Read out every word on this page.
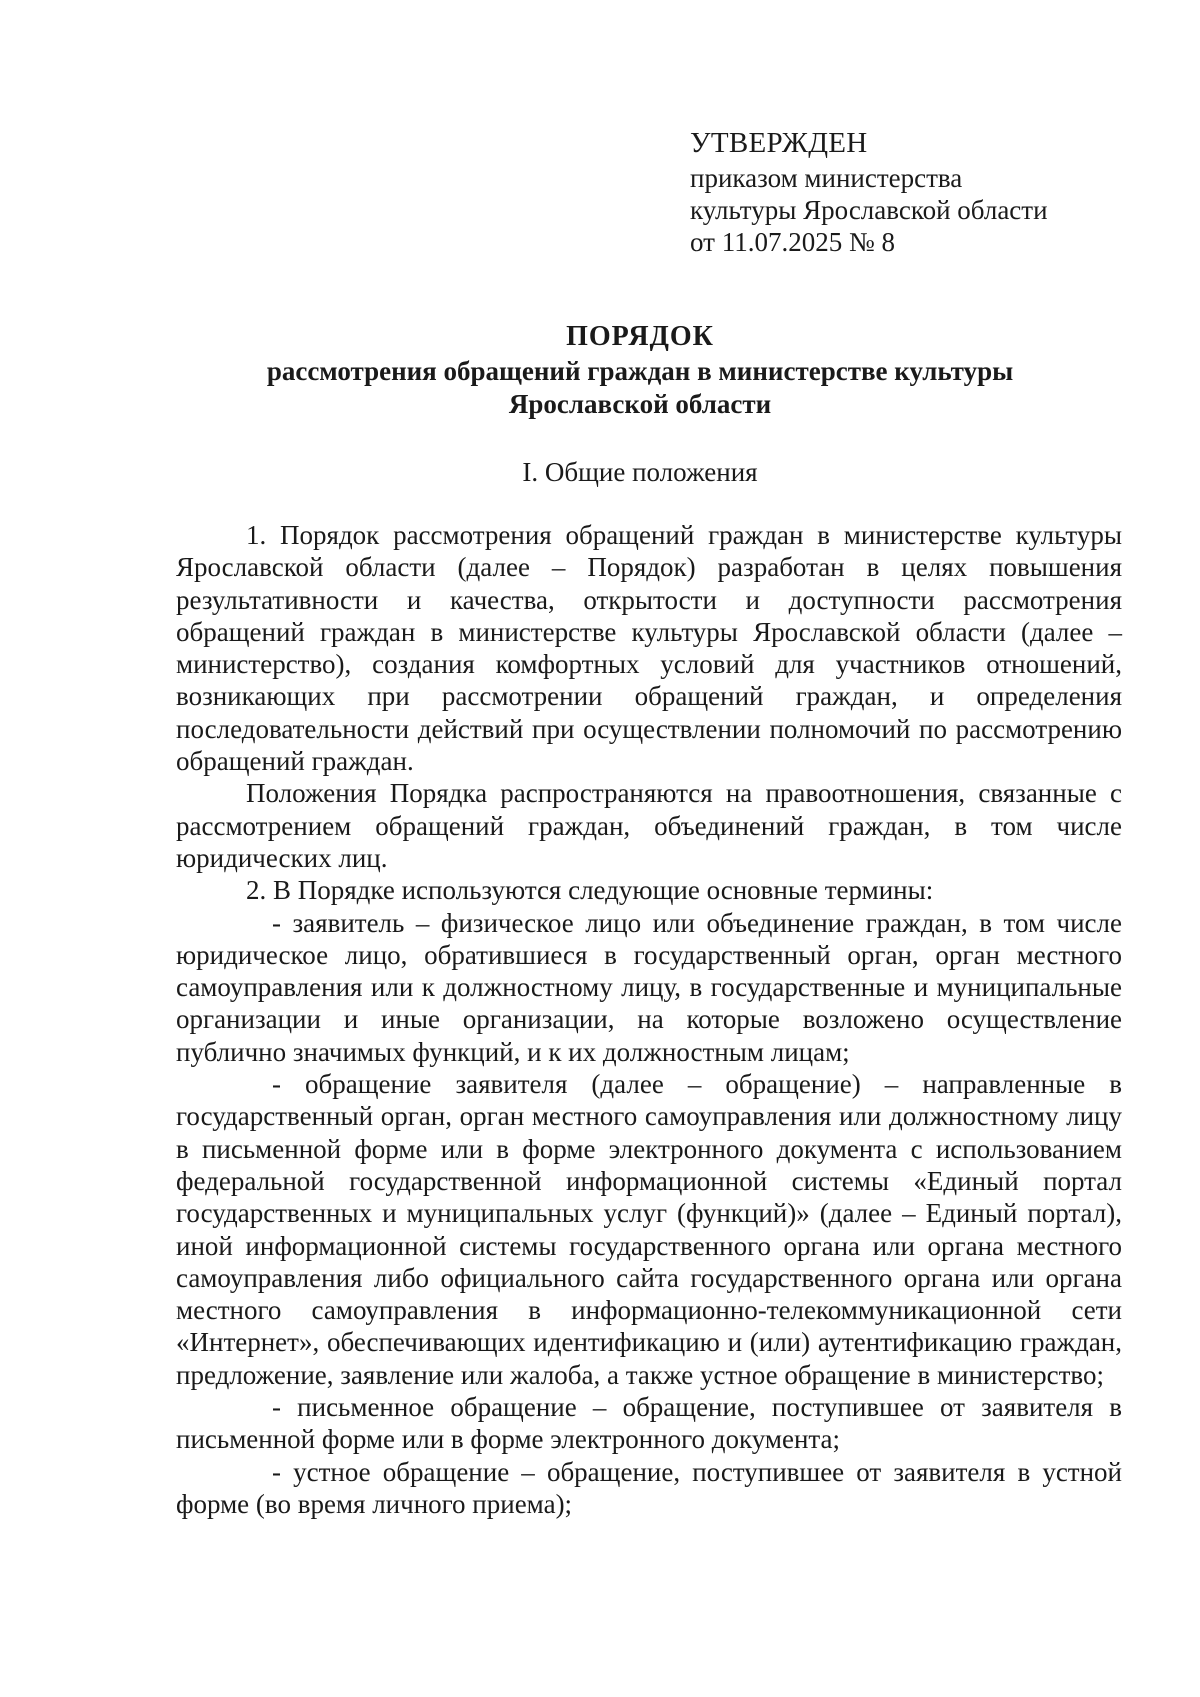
УТВЕРЖДЕН
приказом министерства
культуры Ярославской области
от 11.07.2025 № 8
ПОРЯДОК
рассмотрения обращений граждан в министерстве культуры
Ярославской области
I. Общие положения

1. Порядок рассмотрения обращений граждан в министерстве культуры Ярославской области (далее – Порядок) разработан в целях повышения результативности и качества, открытости и доступности рассмотрения обращений граждан в министерстве культуры Ярославской области (далее – министерство), создания комфортных условий для участников отношений, возникающих при рассмотрении обращений граждан, и определения последовательности действий при осуществлении полномочий по рассмотрению обращений граждан.

Положения Порядка распространяются на правоотношения, связанные с рассмотрением обращений граждан, объединений граждан, в том числе юридических лиц.

2. В Порядке используются следующие основные термины:

- заявитель – физическое лицо или объединение граждан, в том числе юридическое лицо, обратившиеся в государственный орган, орган местного самоуправления или к должностному лицу, в государственные и муниципальные организации и иные организации, на которые возложено осуществление публично значимых функций, и к их должностным лицам;

- обращение заявителя (далее – обращение) – направленные в государственный орган, орган местного самоуправления или должностному лицу в письменной форме или в форме электронного документа с использованием федеральной государственной информационной системы «Единый портал государственных и муниципальных услуг (функций)» (далее – Единый портал), иной информационной системы государственного органа или органа местного самоуправления либо официального сайта государственного органа или органа местного самоуправления в информационно-телекоммуникационной сети «Интернет», обеспечивающих идентификацию и (или) аутентификацию граждан, предложение, заявление или жалоба, а также устное обращение в министерство;

- письменное обращение – обращение, поступившее от заявителя в письменной форме или в форме электронного документа;

- устное обращение – обращение, поступившее от заявителя в устной форме (во время личного приема);
